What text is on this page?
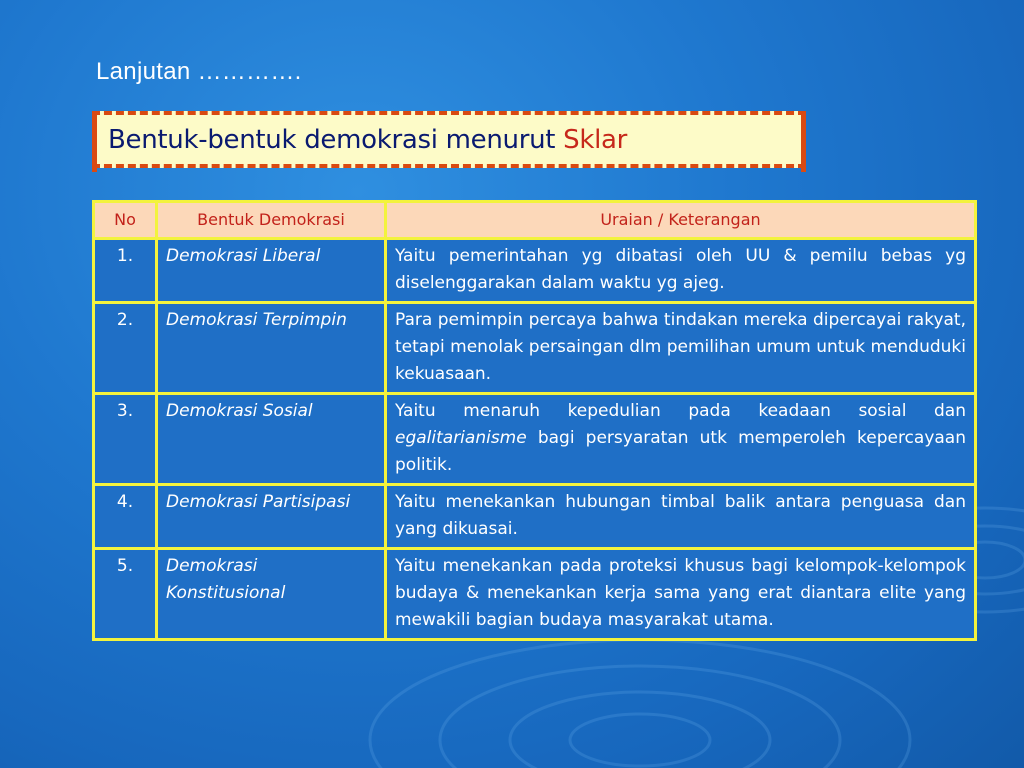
Lanjutan ………….
Bentuk-bentuk demokrasi menurut Sklar
No	Bentuk Demokrasi	Uraian / Keterangan
1.	Demokrasi Liberal	Yaitu pemerintahan yg dibatasi oleh UU & pemilu bebas yg diselenggarakan dalam waktu yg ajeg.
2.	Demokrasi Terpimpin	Para pemimpin percaya bahwa tindakan mereka dipercayai rakyat, tetapi menolak persaingan dlm pemilihan umum untuk menduduki kekuasaan.
3.	Demokrasi Sosial	Yaitu menaruh kepedulian pada keadaan sosial dan egalitarianisme bagi persyaratan utk memperoleh kepercayaan politik.
4.	Demokrasi Partisipasi	Yaitu menekankan hubungan timbal balik antara penguasa dan yang dikuasai.
5.	Demokrasi Konstitusional	Yaitu menekankan pada proteksi khusus bagi kelompok-kelompok budaya & menekankan kerja sama yang erat diantara elite yang mewakili bagian budaya masyarakat utama.
